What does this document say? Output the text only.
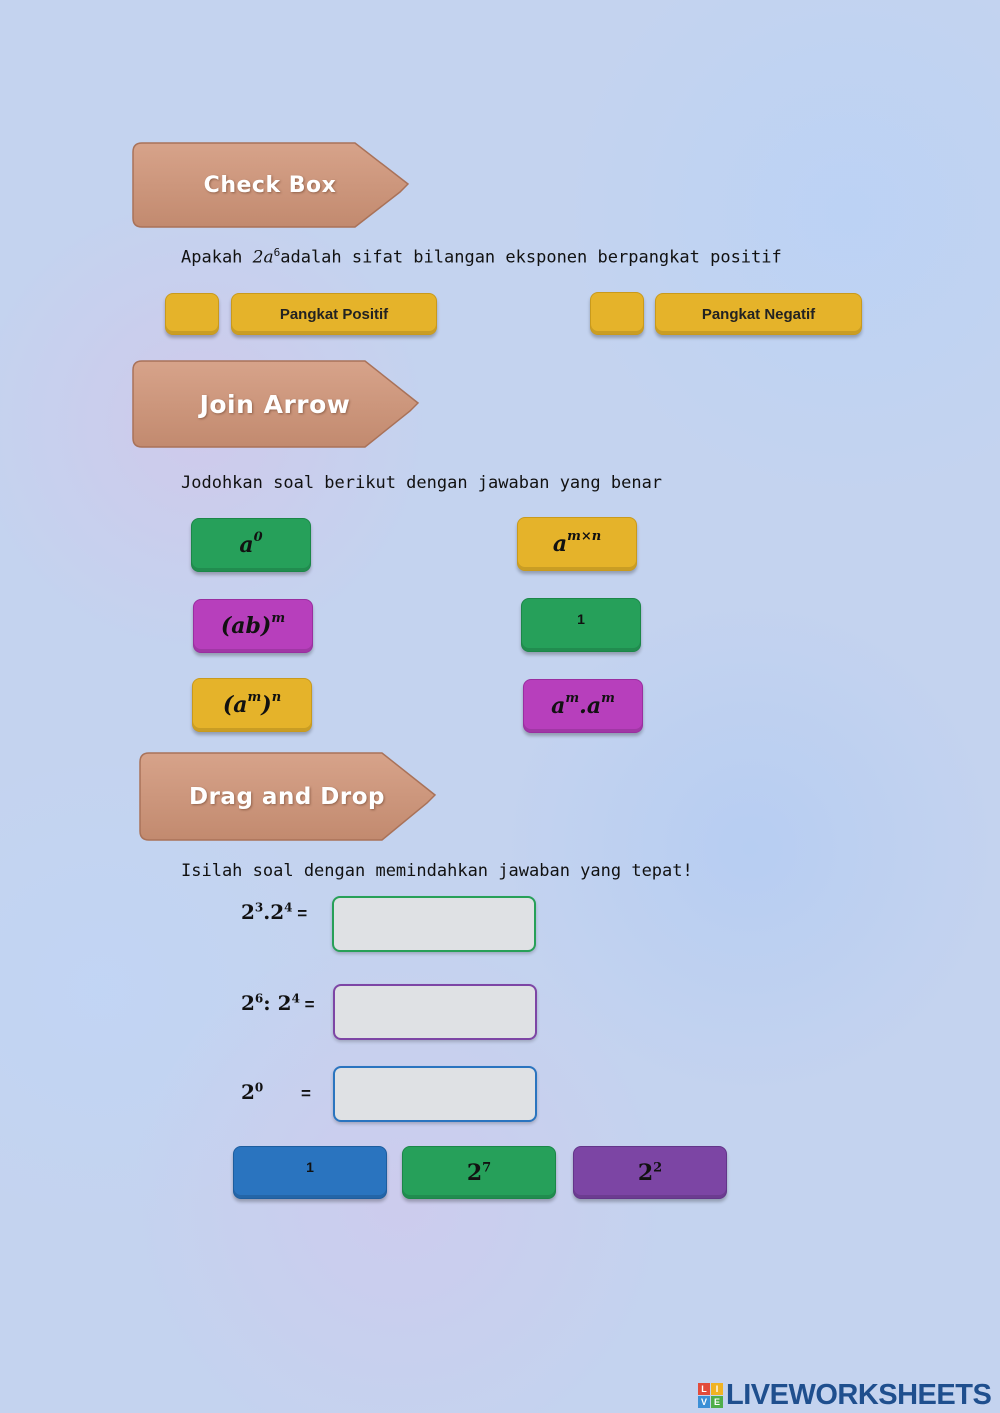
Check Box
Apakah $2a^6adalah$ sifat bilangan eksponen berpangkat positif
Pangkat Positif	Pangkat Negatif
Join Arrow
Jodohkan soal berikut dengan jawaban yang benar
$a^0$
(ab)$^m$
$(a^m)^n$
$a^{m\times n}$
1
$a^m.a^m$
Drag and Drop
Isilah soal dengan memindahkan jawaban yang tepat!
$2^3.2^4$ =
$2^6$: $2^4$ =
$2^0$ =
1	$2^7$	$2^2$
L I
V E LIVEWORKSHEETS
